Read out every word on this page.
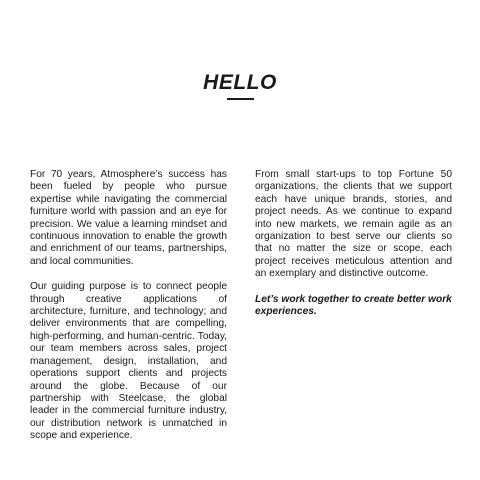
HELLO

For 70 years, Atmosphere’s success has been fueled by people who pursue expertise while navigating the commercial furniture world with passion and an eye for precision. We value a learning mindset and continuous innovation to enable the growth and enrichment of our teams, partnerships, and local communities.

Our guiding purpose is to connect people through creative applications of architecture, furniture, and technology; and deliver environments that are compelling, high-performing, and human-centric. Today, our team members across sales, project management, design, installation, and operations support clients and projects around the globe. Because of our partnership with Steelcase, the global leader in the commercial furniture industry, our distribution network is unmatched in scope and experience.

From small start-ups to top Fortune 50 organizations, the clients that we support each have unique brands, stories, and project needs. As we continue to expand into new markets, we remain agile as an organization to best serve our clients so that no matter the size or scope, each project receives meticulous attention and an exemplary and distinctive outcome.

Let’s work together to create better work experiences.
